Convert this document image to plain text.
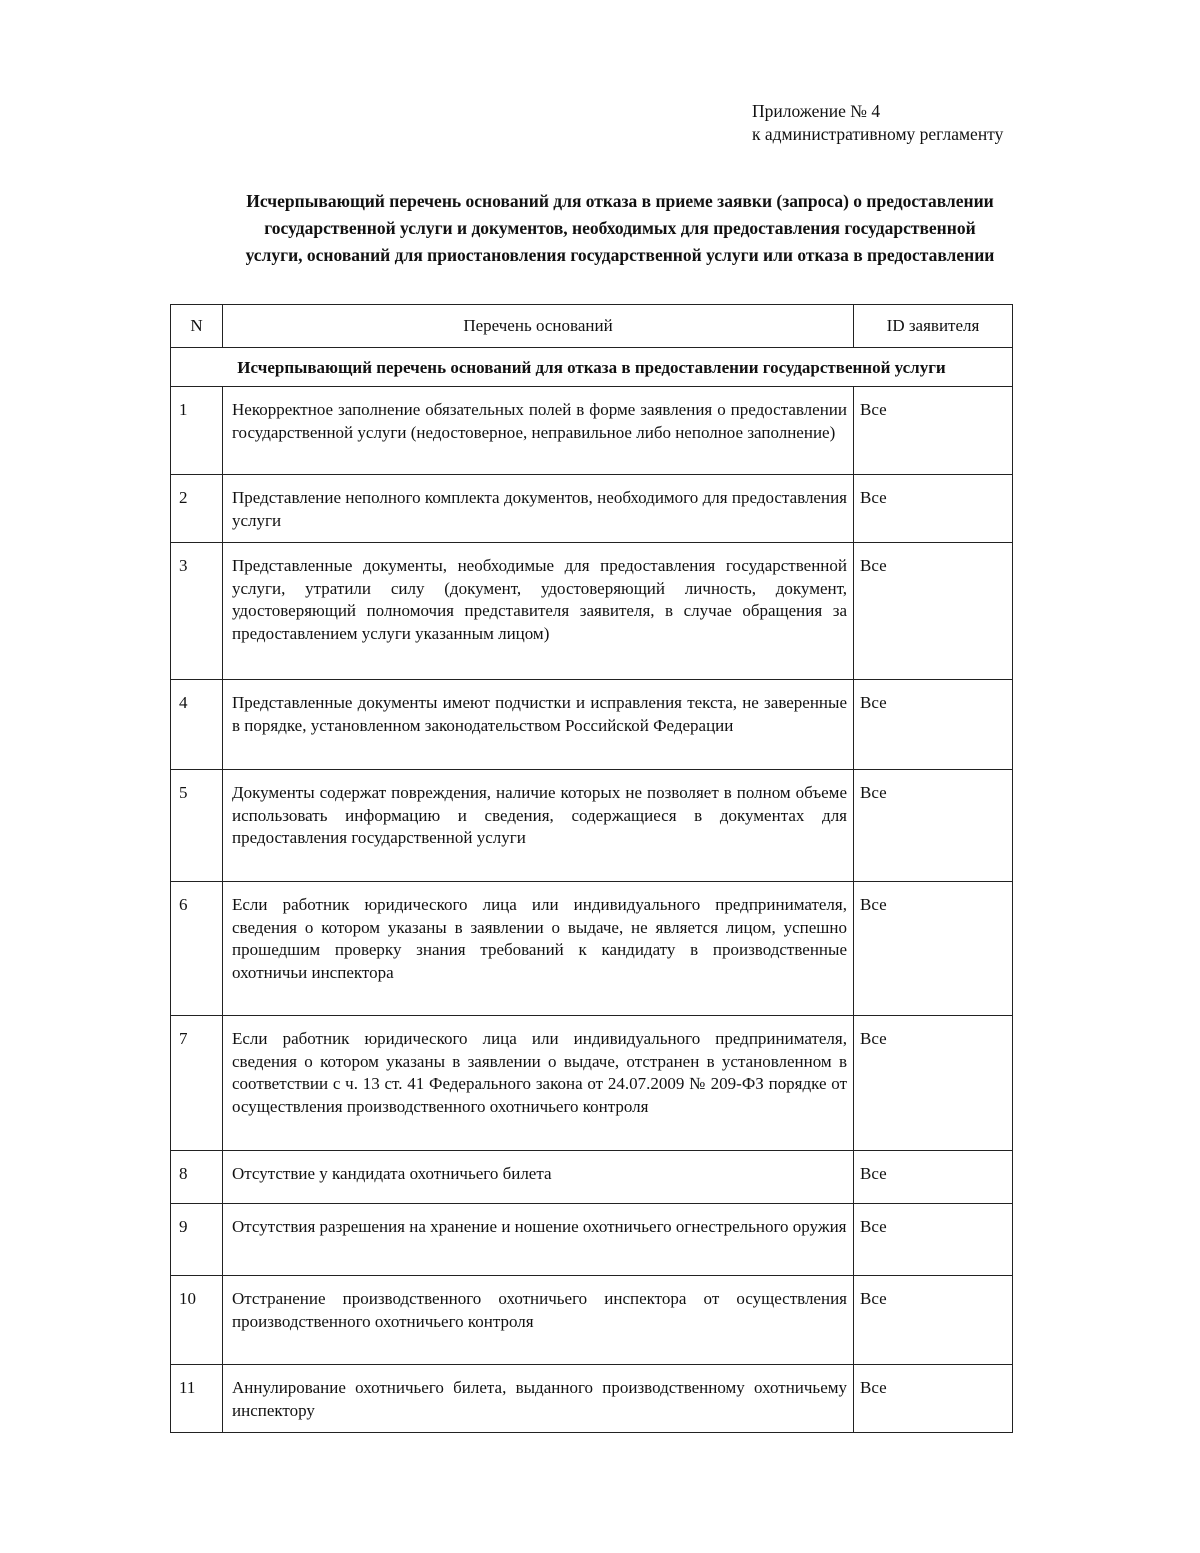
Приложение № 4
к административному регламенту
Исчерпывающий перечень оснований для отказа в приеме заявки (запроса) о предоставлении
государственной услуги и документов, необходимых для предоставления государственной
услуги, оснований для приостановления государственной услуги или отказа в предоставлении
N	Перечень оснований	ID заявителя
Исчерпывающий перечень оснований для отказа в предоставлении государственной услуги		
1	Некорректное заполнение обязательных полей в форме заявления о предоставлении государственной услуги (недостоверное, неправильное либо неполное заполнение)	Все
2	Представление неполного комплекта документов, необходимого для предоставления услуги	Все
3	Представленные документы, необходимые для предоставления государственной услуги, утратили силу (документ, удостоверяющий личность, документ, удостоверяющий полномочия представителя заявителя, в случае обращения за предоставлением услуги указанным лицом)	Все
4	Представленные документы имеют подчистки и исправления текста, не заверенные в порядке, установленном законодательством Российской Федерации	Все
5	Документы содержат повреждения, наличие которых не позволяет в полном объеме использовать информацию и сведения, содержащиеся в документах для предоставления государственной услуги	Все
6	Если работник юридического лица или индивидуального предпринимателя, сведения о котором указаны в заявлении о выдаче, не является лицом, успешно прошедшим проверку знания требований к кандидату в производственные охотничьи инспектора	Все
7	Если работник юридического лица или индивидуального предпринимателя, сведения о котором указаны в заявлении о выдаче, отстранен в установленном в соответствии с ч. 13 ст. 41 Федерального закона от 24.07.2009 № 209-ФЗ порядке от осуществления производственного охотничьего контроля	Все
8	Отсутствие у кандидата охотничьего билета	Все
9	Отсутствия разрешения на хранение и ношение охотничьего огнестрельного оружия	Все
10	Отстранение производственного охотничьего инспектора от осуществления производственного охотничьего контроля	Все
11	Аннулирование охотничьего билета, выданного производственному охотничьему инспектору	Все
